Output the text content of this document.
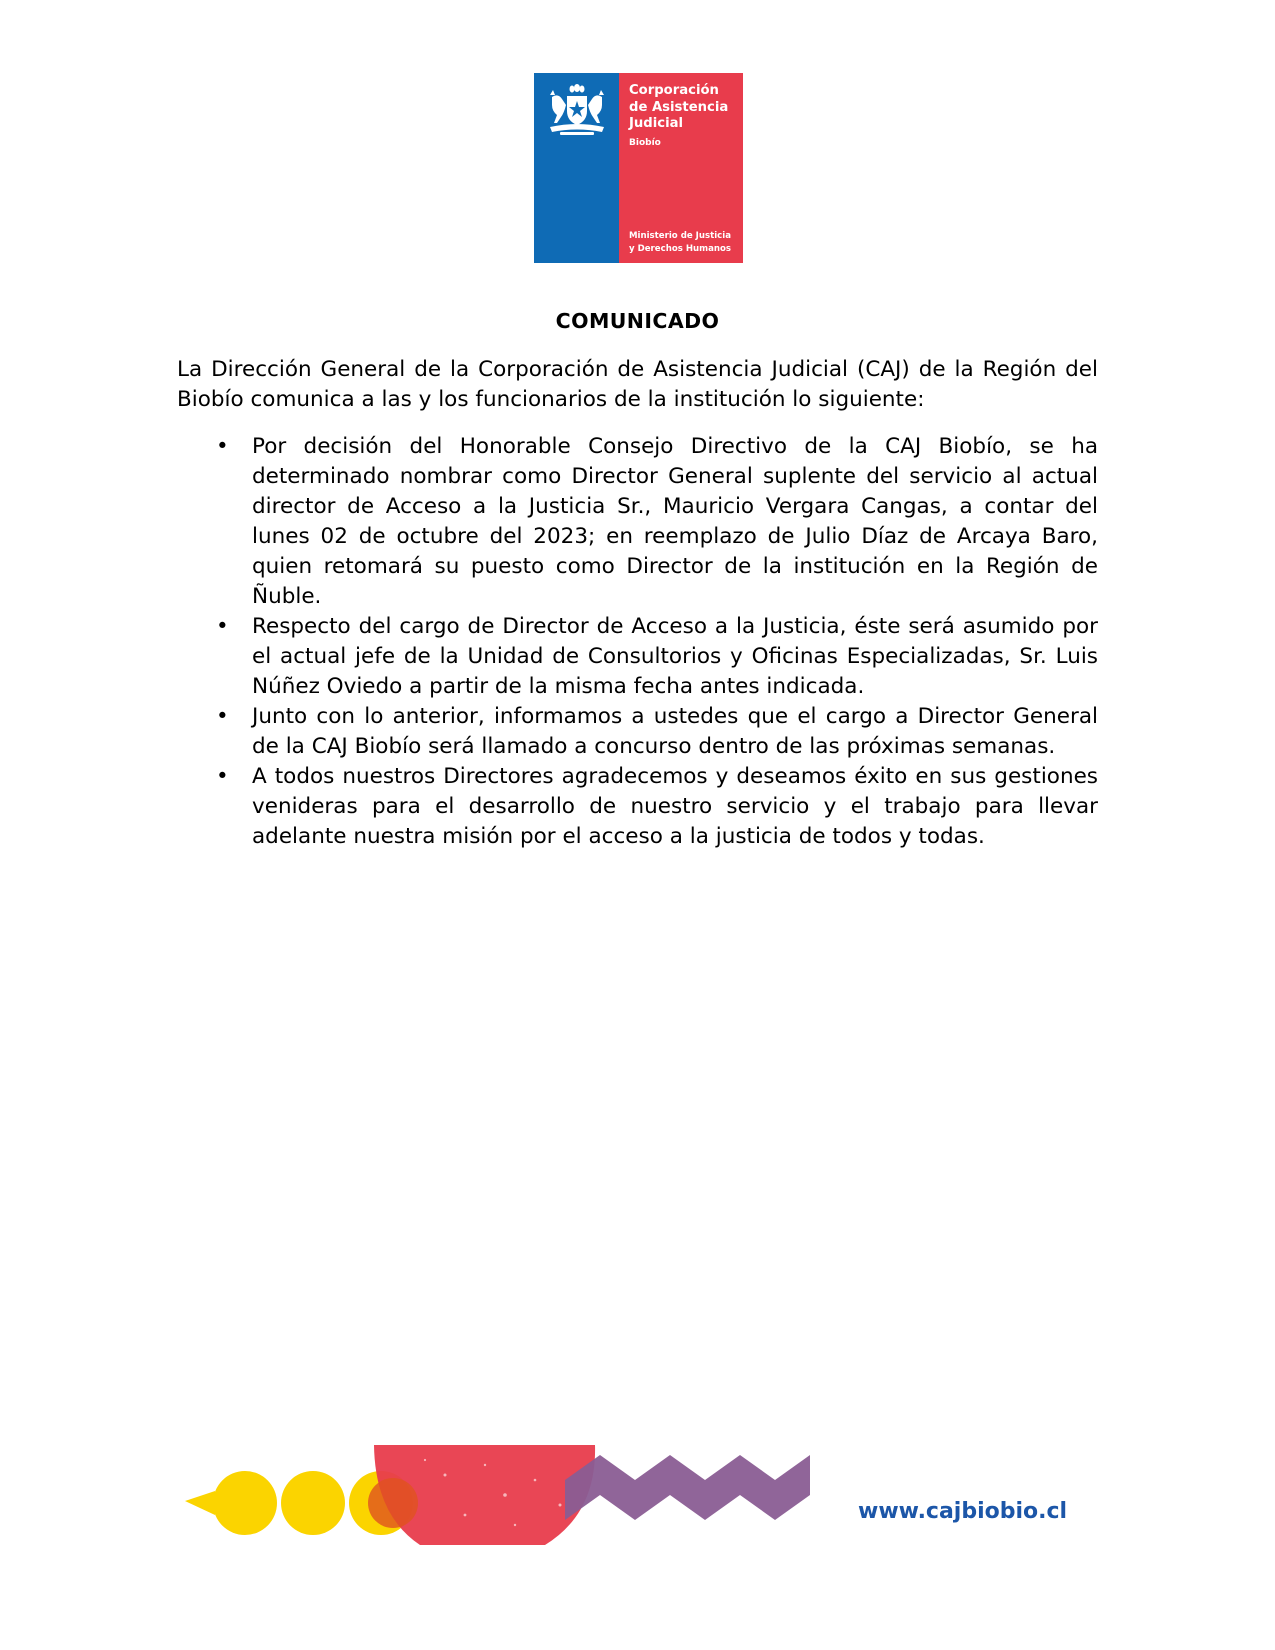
Corporación
de Asistencia
Judicial
Biobío
Ministerio de Justicia
y Derechos Humanos
COMUNICADO

La Dirección General de la Corporación de Asistencia Judicial (CAJ) de la Región del Biobío comunica a las y los funcionarios de la institución lo siguiente:

• Por decisión del Honorable Consejo Directivo de la CAJ Biobío, se ha determinado nombrar como Director General suplente del servicio al actual director de Acceso a la Justicia Sr., Mauricio Vergara Cangas, a contar del lunes 02 de octubre del 2023; en reemplazo de Julio Díaz de Arcaya Baro, quien retomará su puesto como Director de la institución en la Región de Ñuble.
• Respecto del cargo de Director de Acceso a la Justicia, éste será asumido por el actual jefe de la Unidad de Consultorios y Oficinas Especializadas, Sr. Luis Núñez Oviedo a partir de la misma fecha antes indicada.
• Junto con lo anterior, informamos a ustedes que el cargo a Director General de la CAJ Biobío será llamado a concurso dentro de las próximas semanas.
• A todos nuestros Directores agradecemos y deseamos éxito en sus gestiones venideras para el desarrollo de nuestro servicio y el trabajo para llevar adelante nuestra misión por el acceso a la justicia de todos y todas.

www.cajbiobio.cl
